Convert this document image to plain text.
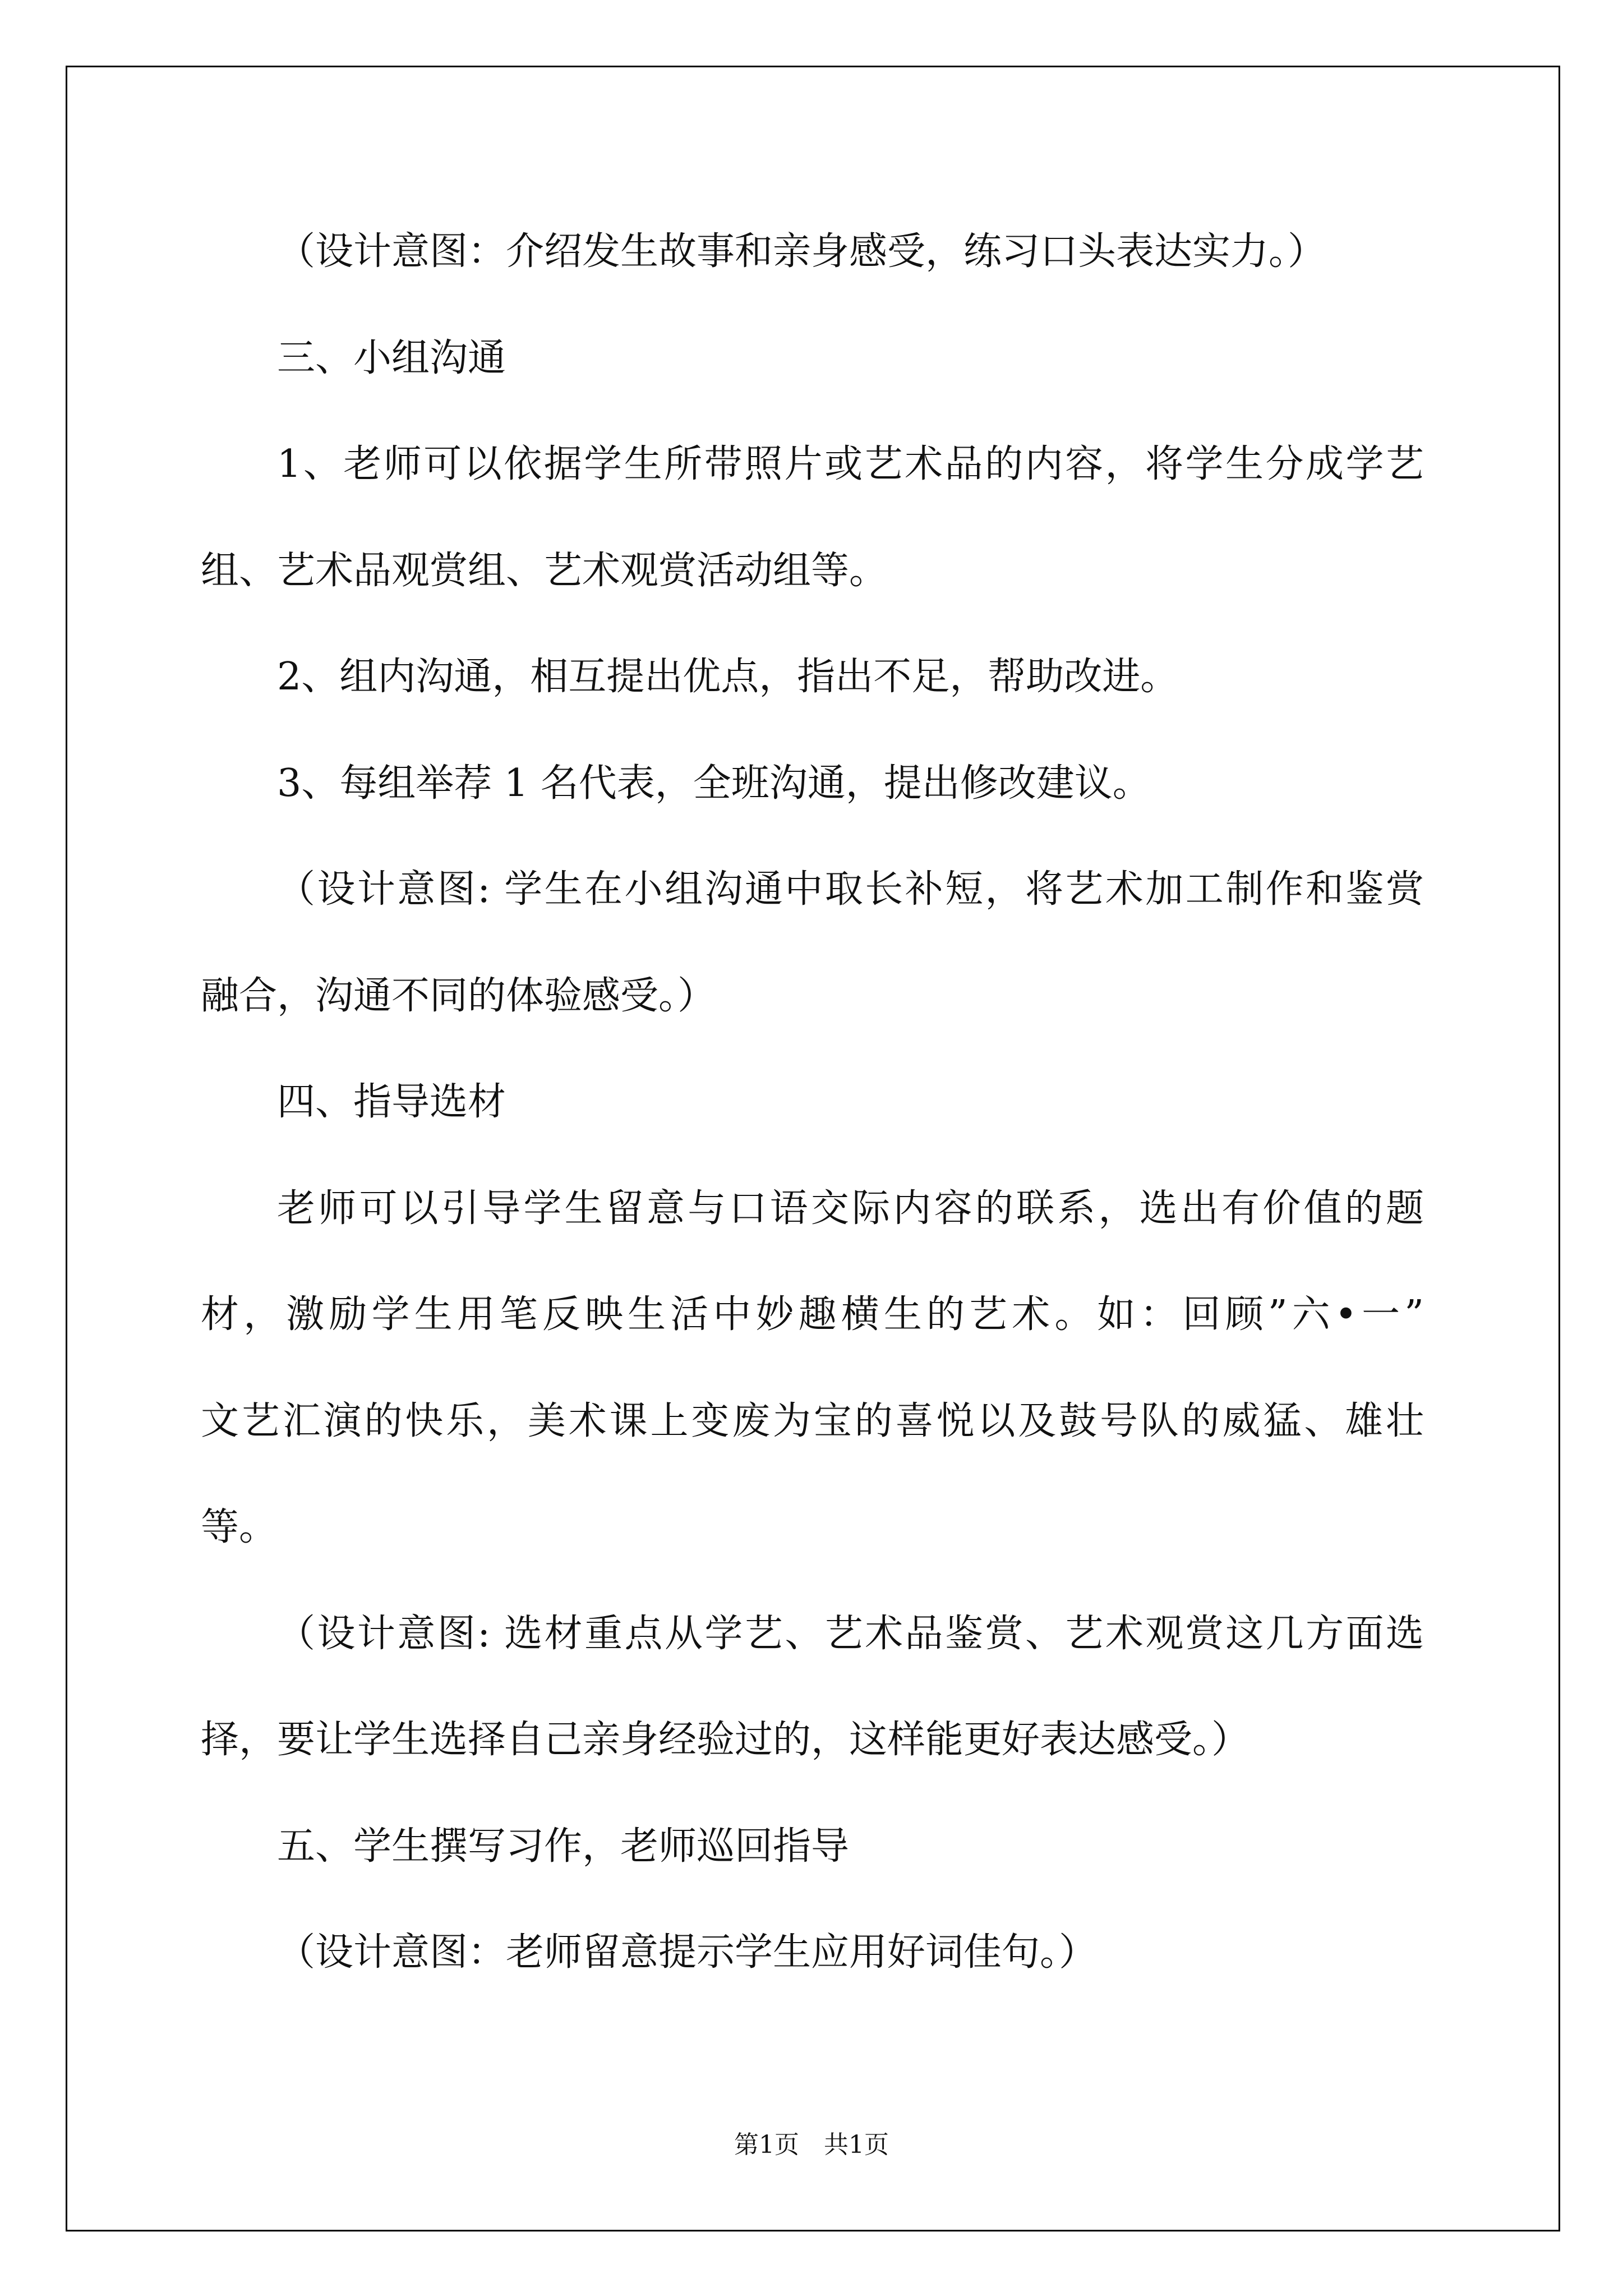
（设计意图：介绍发生故事和亲身感受，练习口头表达实力。）
三、小组沟通
1、老师可以依据学生所带照片或艺术品的内容，将学生分成学艺
组、艺术品观赏组、艺术观赏活动组等。
2、组内沟通，相互提出优点，指出不足，帮助改进。
3、每组举荐 1 名代表，全班沟通，提出修改建议。
（设计意图: 学生在小组沟通中取长补短，将艺术加工制作和鉴赏
融合，沟通不同的体验感受。）
四、指导选材
老师可以引导学生留意与口语交际内容的联系，选出有价值的题
材，激励学生用笔反映生活中妙趣横生的艺术。如：回顾”六•一”
文艺汇演的快乐，美术课上变废为宝的喜悦以及鼓号队的威猛、雄壮
等。
（设计意图: 选材重点从学艺、艺术品鉴赏、艺术观赏这几方面选
择，要让学生选择自己亲身经验过的，这样能更好表达感受。）
五、学生撰写习作，老师巡回指导
（设计意图：老师留意提示学生应用好词佳句。）
第1页　共1页
